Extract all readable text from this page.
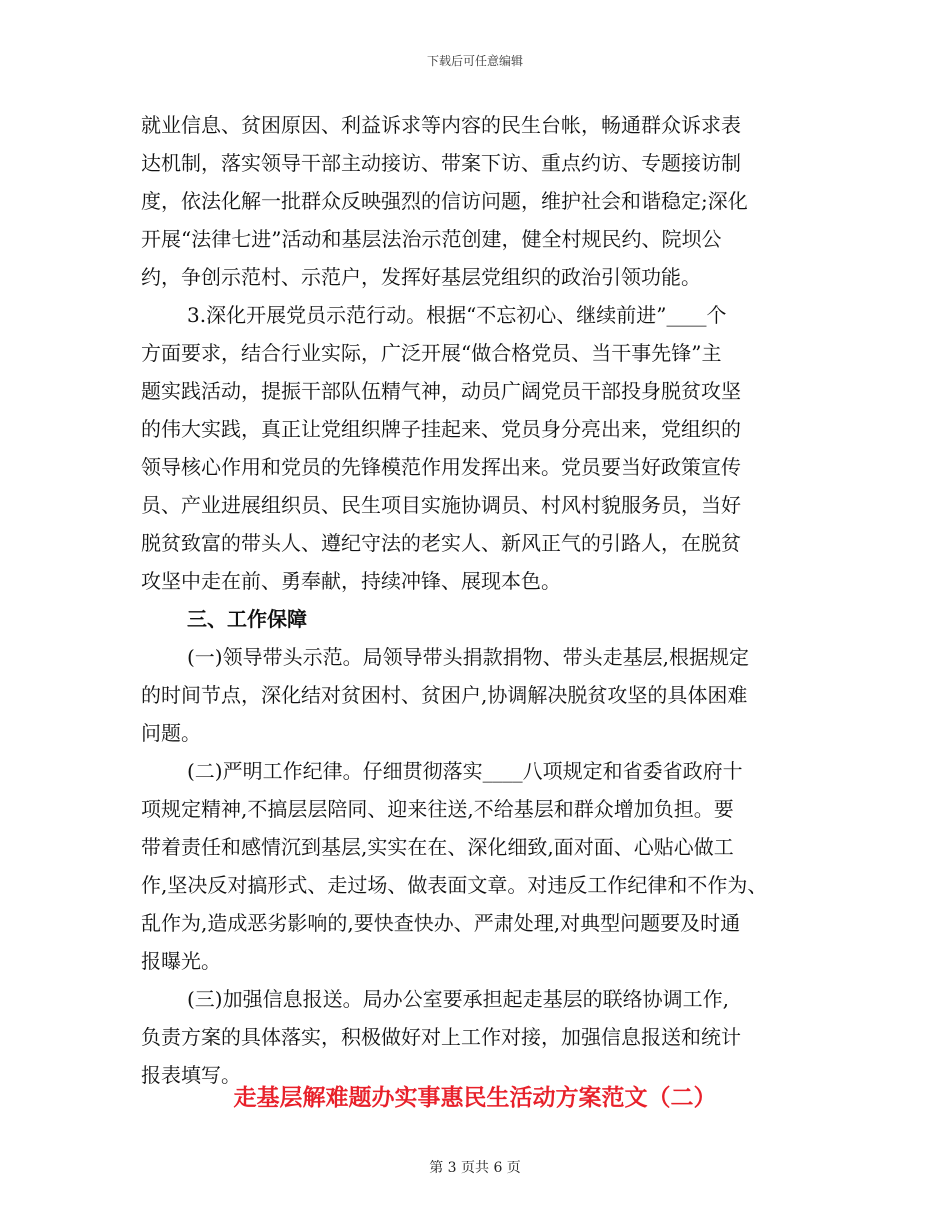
下载后可任意编辑
就业信息、贫困原因、利益诉求等内容的民生台帐，畅通群众诉求表
达机制，落实领导干部主动接访、带案下访、重点约访、专题接访制
度，依法化解一批群众反映强烈的信访问题，维护社会和谐稳定;深化
开展“法律七进”活动和基层法治示范创建，健全村规民约、院坝公
约，争创示范村、示范户，发挥好基层党组织的政治引领功能。
3.深化开展党员示范行动。根据“不忘初心、继续前进”____个
方面要求，结合行业实际，广泛开展“做合格党员、当干事先锋”主
题实践活动，提振干部队伍精气神，动员广阔党员干部投身脱贫攻坚
的伟大实践，真正让党组织牌子挂起来、党员身分亮出来，党组织的
领导核心作用和党员的先锋模范作用发挥出来。党员要当好政策宣传
员、产业进展组织员、民生项目实施协调员、村风村貌服务员，当好
脱贫致富的带头人、遵纪守法的老实人、新风正气的引路人，在脱贫
攻坚中走在前、勇奉献，持续冲锋、展现本色。
三、工作保障
(一)领导带头示范。局领导带头捐款捐物、带头走基层,根据规定
的时间节点，深化结对贫困村、贫困户,协调解决脱贫攻坚的具体困难
问题。
(二)严明工作纪律。仔细贯彻落实____八项规定和省委省政府十
项规定精神,不搞层层陪同、迎来往送,不给基层和群众增加负担。要
带着责任和感情沉到基层,实实在在、深化细致,面对面、心贴心做工
作,坚决反对搞形式、走过场、做表面文章。对违反工作纪律和不作为、
乱作为,造成恶劣影响的,要快查快办、严肃处理,对典型问题要及时通
报曝光。
(三)加强信息报送。局办公室要承担起走基层的联络协调工作,
负责方案的具体落实，积极做好对上工作对接，加强信息报送和统计
报表填写。
走基层解难题办实事惠民生活动方案范文（二）
第 3 页共 6 页
